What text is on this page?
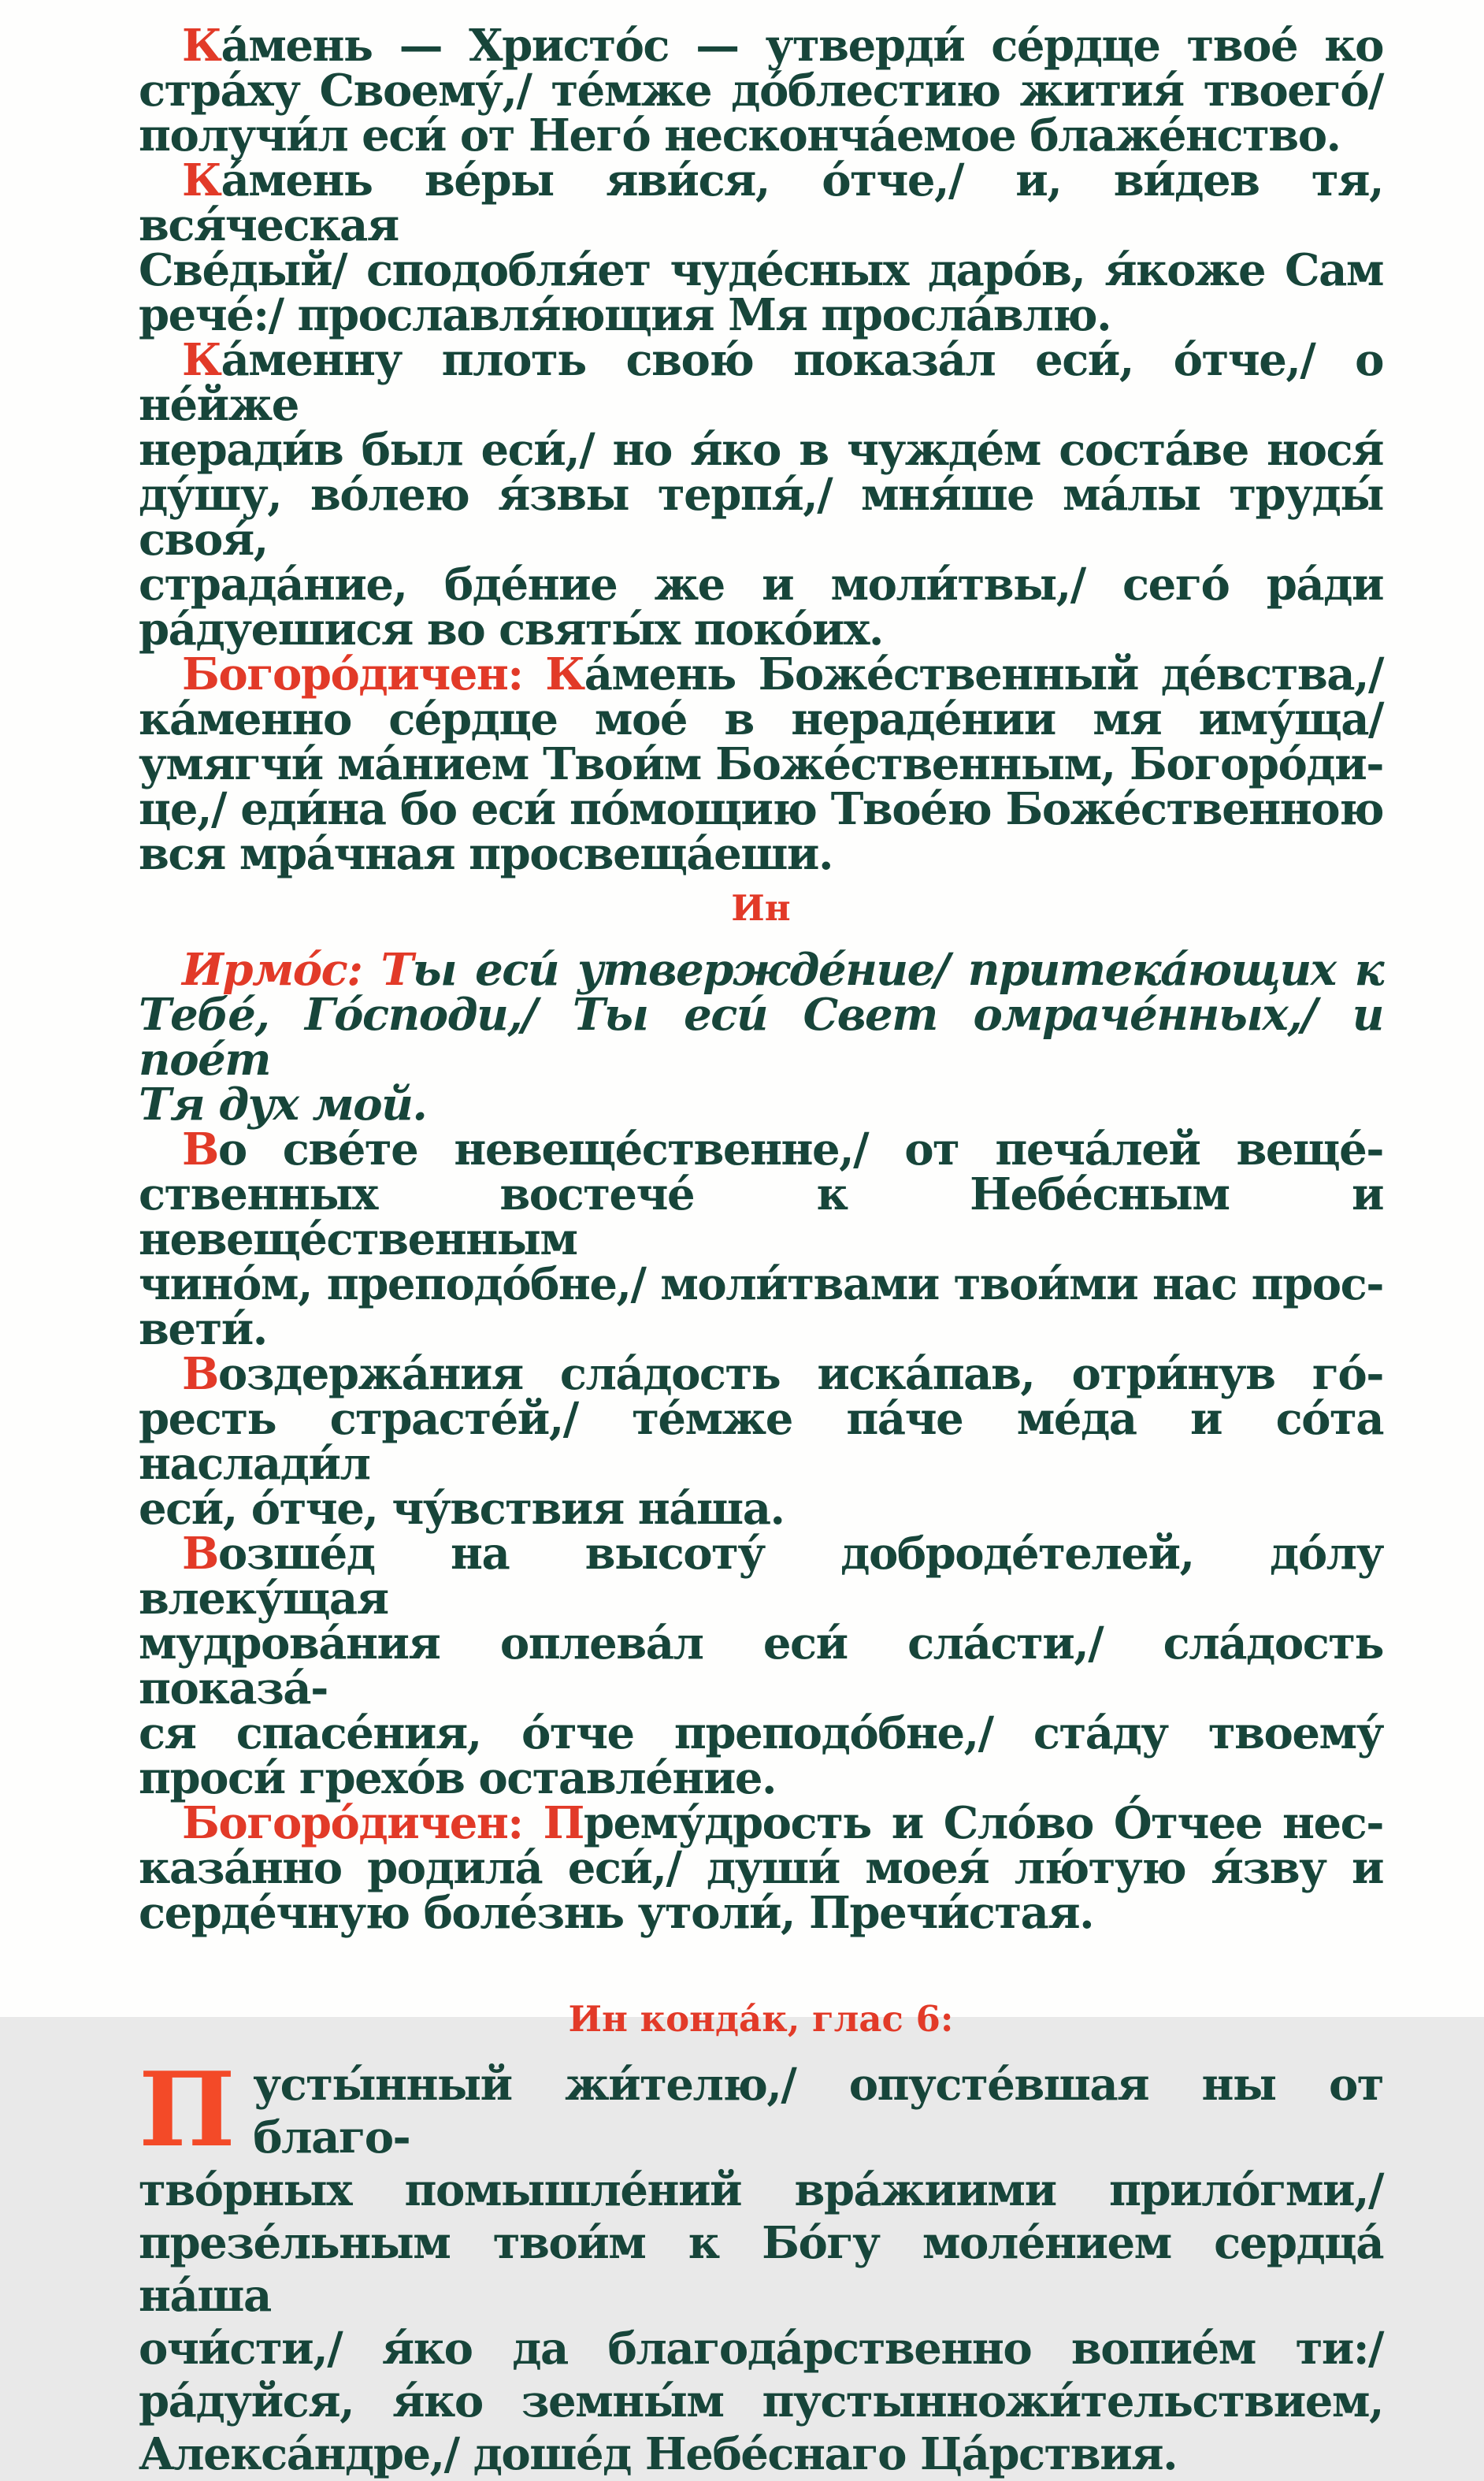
Ка́мень — Христо́с — утверди́ се́рдце твое́ ко
стра́ху Своему́,/ те́мже до́блестию жития́ твоего́/
получи́л еси́ от Него́ несконча́емое блаже́нство.

Ка́мень ве́ры яви́ся, о́тче,/ и, ви́дев тя, вся́ческая
Све́дый/ сподобля́ет чуде́сных даро́в, я́коже Сам
рече́:/ прославля́ющия Мя просла́влю.

Ка́менну плоть свою́ показа́л еси́, о́тче,/ о не́йже
неради́в был еси́,/ но я́ко в чужде́м соста́ве нося́
ду́шу, во́лею я́звы терпя́,/ мня́ше ма́лы труды́ своя́,
страда́ние, бде́ние же и моли́твы,/ сего́ ра́ди
ра́дуешися во святы́х поко́их.

Богоро́дичен: Ка́мень Боже́ственный де́вства,/
ка́менно се́рдце мое́ в нераде́нии мя иму́ща/
умягчи́ ма́нием Твои́м Боже́ственным, Богоро́ди-
це,/ еди́на бо еси́ по́мощию Твое́ю Боже́ственною
вся мра́чная просвеща́еши.

Ин

Ирмо́с: Ты еси́ утвержде́ние/ притека́ющих к
Тебе́, Го́споди,/ Ты еси́ Свет омраче́нных,/ и пое́т
Тя дух мой.

Во све́те невеще́ственне,/ от печа́лей веще́-
ственных востече́ к Небе́сным и невеще́ственным
чино́м, преподо́бне,/ моли́твами твои́ми нас прос-
вети́.

Воздержа́ния сла́дость иска́пав, отри́нув го́-
ресть страсте́й,/ те́мже па́че ме́да и со́та наслади́л
еси́, о́тче, чу́вствия на́ша.

Возше́д на высоту́ доброде́телей, до́лу влеку́щая
мудрова́ния оплева́л еси́ сла́сти,/ сла́дость показа́-
ся спасе́ния, о́тче преподо́бне,/ ста́ду твоему́
проси́ грехо́в оставле́ние.

Богоро́дичен: Прему́дрость и Сло́во О́тчее нес-
каза́нно родила́ еси́,/ души́ моея́ лю́тую я́зву и
серде́чную боле́знь утоли́, Пречи́стая.

Ин конда́к, глас 6:

П усты́нный жи́телю,/ опусте́вшая ны от благо-
тво́рных помышле́ний вра́жиими прило́гми,/
презе́льным твои́м к Бо́гу моле́нием сердца́ на́ша
очи́сти,/ я́ко да благода́рственно вопие́м ти:/
ра́дуйся, я́ко земны́м пустынножи́тельствием,
Алекса́ндре,/ доше́д Небе́снаго Ца́рствия.
